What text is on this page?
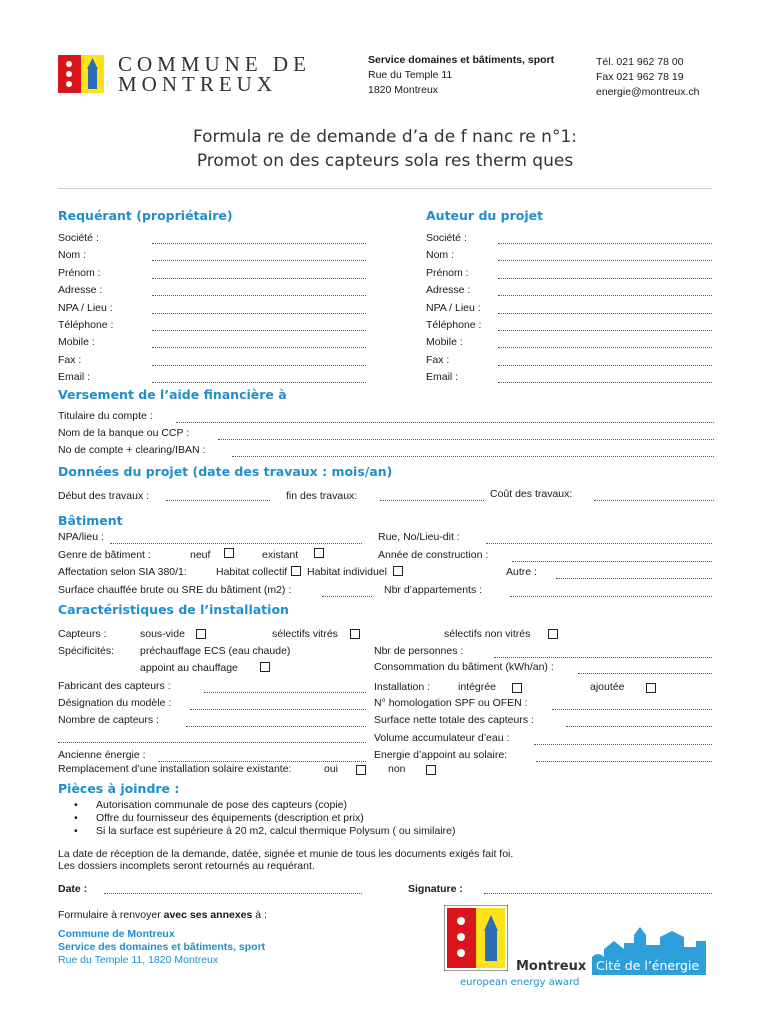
COMMUNE DE
MONTREUX
Service domaines et bâtiments, sport
Rue du Temple 11
1820 Montreux
Tél. 021 962 78 00
Fax 021 962 78 19
energie@montreux.ch
Formula re de demande d’a de f nanc re n°1:
Promot on des capteurs sola res therm ques
Requérant (propriétaire)	Auteur du projet
Société :
Nom :
Prénom :
Adresse :
NPA / Lieu :
Téléphone :
Mobile :
Fax :
Email :
Société :
Nom :
Prénom :
Adresse :
NPA / Lieu :
Téléphone :
Mobile :
Fax :
Email :
Versement de l’aide financière à
Titulaire du compte :
Nom de la banque ou CCP :
No de compte + clearing/IBAN :
Données du projet (date des travaux : mois/an)
Début des travaux :	fin des travaux:	Coût des travaux:
Bâtiment
NPA/lieu :	Rue, No/Lieu-dit :
Genre de bâtiment :	neuf	existant	Année de construction :
Affectation selon SIA 380/1:	Habitat collectif Habitat individuel	Autre :
Surface chauffée brute ou SRE du bâtiment (m2) :	Nbr d’appartements :
Caractéristiques de l’installation
Capteurs :	sous-vide	sélectifs vitrés	sélectifs non vitrés
Spécificités: préchauffage ECS (eau chaude)	Nbr de personnes :
appoint au chauffage	Consommation du bâtiment (kWh/an) :
Fabricant des capteurs :	Installation :	intégrée	ajoutée
Désignation du modèle :	N° homologation SPF ou OFEN :
Nombre de capteurs :	Surface nette totale des capteurs :
Volume accumulateur d’eau :
Ancienne énergie :	Energie d’appoint au solaire:
Remplacement d’une installation solaire existante:	oui	non
Pièces à joindre :
• Autorisation communale de pose des capteurs (copie)
• Offre du fournisseur des équipements (description et prix)
• Si la surface est supérieure à 20 m2, calcul thermique Polysum ( ou similaire)
La date de réception de la demande, datée, signée et munie de tous les documents exigés fait foi.
Les dossiers incomplets seront retournés au requérant.
Date :	Signature :
Formulaire à renvoyer avec ses annexes à :
Commune de Montreux
Service des domaines et bâtiments, sport
Rue du Temple 11, 1820 Montreux	Montreux Cité de l’énergie
european energy award
